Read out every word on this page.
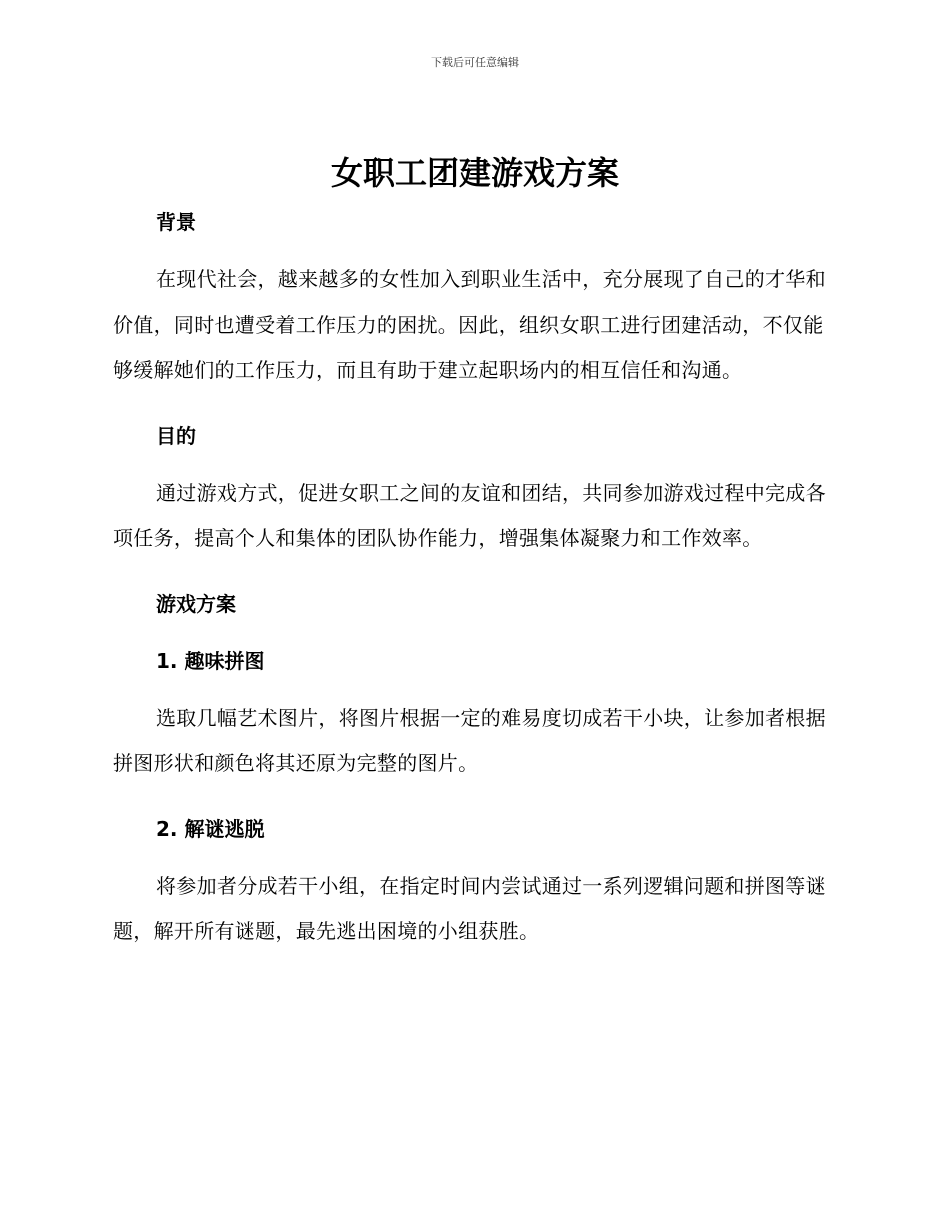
下载后可任意编辑
女职工团建游戏方案

背景

在现代社会，越来越多的女性加入到职业生活中，充分展现了自己的才华和价值，同时也遭受着工作压力的困扰。因此，组织女职工进行团建活动，不仅能够缓解她们的工作压力，而且有助于建立起职场内的相互信任和沟通。

目的

通过游戏方式，促进女职工之间的友谊和团结，共同参加游戏过程中完成各项任务，提高个人和集体的团队协作能力，增强集体凝聚力和工作效率。

游戏方案

1. 趣味拼图

选取几幅艺术图片，将图片根据一定的难易度切成若干小块，让参加者根据拼图形状和颜色将其还原为完整的图片。

2. 解谜逃脱

将参加者分成若干小组，在指定时间内尝试通过一系列逻辑问题和拼图等谜题，解开所有谜题，最先逃出困境的小组获胜。
